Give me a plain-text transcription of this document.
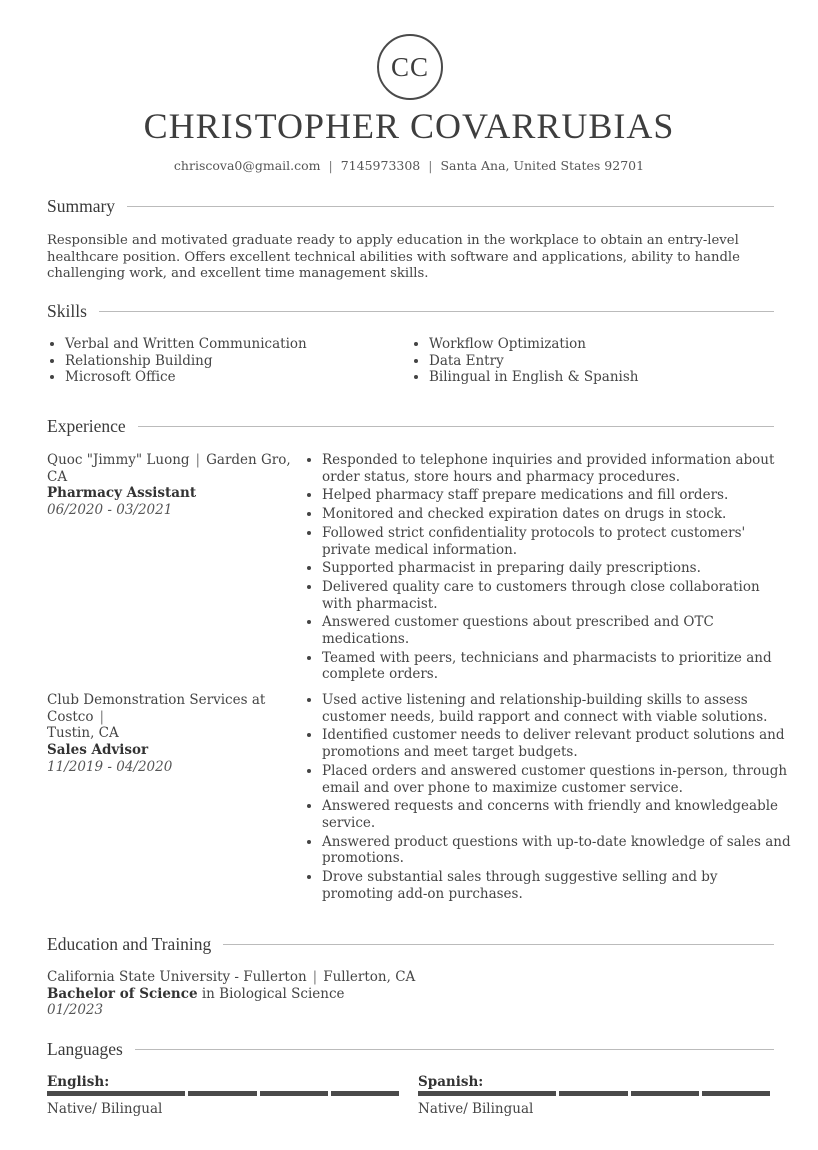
CC
CHRISTOPHER COVARRUBIAS
chriscova0@gmail.com | 7145973308 | Santa Ana, United States 92701
Summary
Responsible and motivated graduate ready to apply education in the workplace to obtain an entry-level healthcare position. Offers excellent technical abilities with software and applications, ability to handle challenging work, and excellent time management skills.
Skills
• Verbal and Written Communication
• Relationship Building
• Microsoft Office
• Workflow Optimization
• Data Entry
• Bilingual in English & Spanish
Experience
Quoc "Jimmy" Luong | Garden Gro, CA
Pharmacy Assistant
06/2020 - 03/2021
• Responded to telephone inquiries and provided information about order status, store hours and pharmacy procedures.
• Helped pharmacy staff prepare medications and fill orders.
• Monitored and checked expiration dates on drugs in stock.
• Followed strict confidentiality protocols to protect customers' private medical information.
• Supported pharmacist in preparing daily prescriptions.
• Delivered quality care to customers through close collaboration with pharmacist.
• Answered customer questions about prescribed and OTC medications.
• Teamed with peers, technicians and pharmacists to prioritize and complete orders.
Club Demonstration Services at Costco |
Tustin, CA
Sales Advisor
11/2019 - 04/2020
• Used active listening and relationship-building skills to assess customer needs, build rapport and connect with viable solutions.
• Identified customer needs to deliver relevant product solutions and promotions and meet target budgets.
• Placed orders and answered customer questions in-person, through email and over phone to maximize customer service.
• Answered requests and concerns with friendly and knowledgeable service.
• Answered product questions with up-to-date knowledge of sales and promotions.
• Drove substantial sales through suggestive selling and by promoting add-on purchases.
Education and Training
California State University - Fullerton | Fullerton, CA
Bachelor of Science in Biological Science
01/2023
Languages
English:
Native/ Bilingual
Spanish:
Native/ Bilingual
